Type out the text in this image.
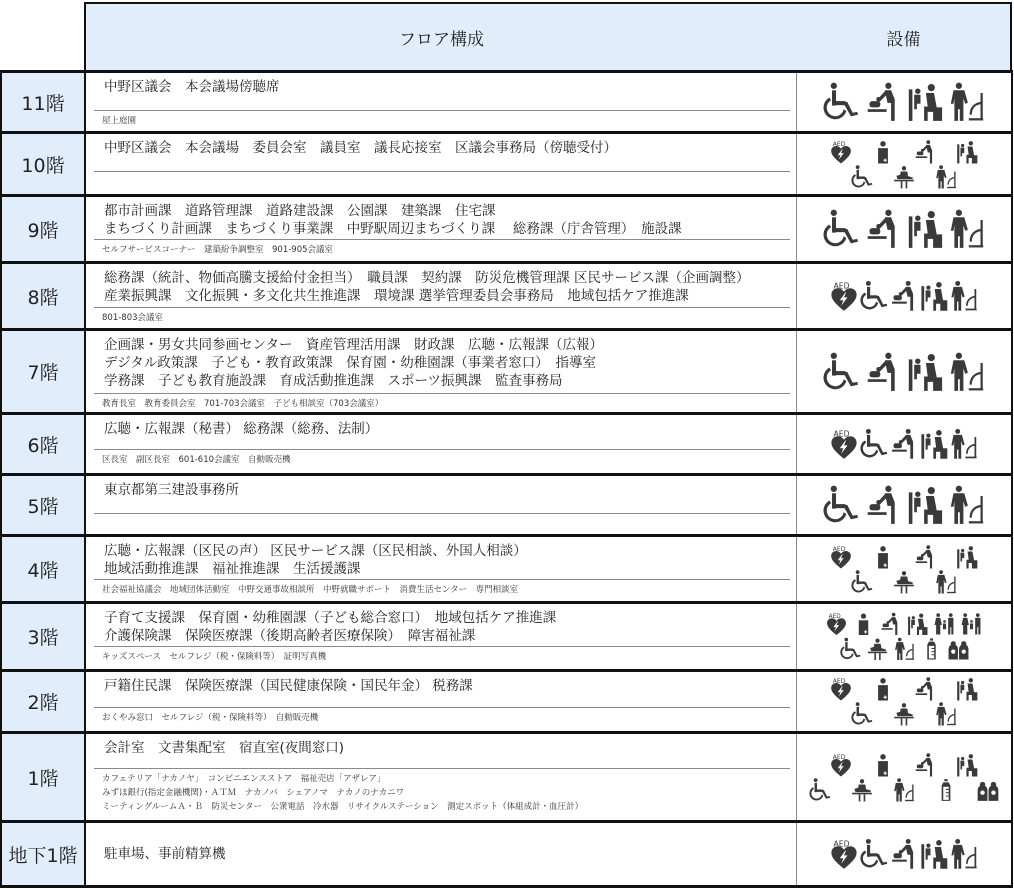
フロア構成	設備
11階
中野区議会　本会議場傍聴席
屋上庭園
10階
中野区議会　本会議場　委員会室　議員室　議長応接室　区議会事務局（傍聴受付）
9階
都市計画課　道路管理課　道路建設課　公園課　建築課　住宅課
まちづくり計画課　まちづくり事業課　中野駅周辺まちづくり課　 総務課（庁舎管理）　施設課
セルフサービスコーナー　建築紛争調整室　901-905会議室
8階
総務課（統計、物価高騰支援給付金担当）　職員課　契約課　防災危機管理課 区民サービス課（企画調整）
産業振興課　文化振興・多文化共生推進課　環境課 選挙管理委員会事務局　地域包括ケア推進課
801-803会議室
7階
企画課・男女共同参画センター　資産管理活用課　財政課　広聴・広報課（広報）
デジタル政策課　子ども・教育政策課　保育園・幼稚園課（事業者窓口）　指導室
学務課　子ども教育施設課　育成活動推進課　スポーツ振興課　監査事務局
教育長室　教育委員会室　701-703会議室　子ども相談室（703会議室）
6階
広聴・広報課（秘書） 総務課（総務、法制）
区長室　副区長室　601-610会議室　自動販売機
5階
東京都第三建設事務所
4階
広聴・広報課（区民の声） 区民サービス課（区民相談、外国人相談）
地域活動推進課　福祉推進課　生活援護課
社会福祉協議会　地域団体活動室　中野交通事故相談所　中野就職サポート　消費生活センター　専門相談室
3階
子育て支援課　保育園・幼稚園課（子ども総合窓口）　地域包括ケア推進課
介護保険課　保険医療課（後期高齢者医療保険）　障害福祉課
キッズスペース　セルフレジ（税・保険料等）　証明写真機
2階
戸籍住民課　保険医療課（国民健康保険・国民年金） 税務課
おくやみ窓口　セルフレジ（税・保険料等）　自動販売機
1階
会計室　文書集配室　宿直室(夜間窓口)
カフェテリア「ナカノヤ」　コンビニエンスストア　福祉売店「アザレア」
みずほ銀行(指定金融機関)・ＡＴＭ　ナカノバ　シェアノマ　ナカノのナカニワ
ミーティングルームＡ・Ｂ　防災センター　公衆電話　冷水器　リサイクルステーション　測定スポット（体組成計・血圧計）
地下1階	駐車場、事前精算機
